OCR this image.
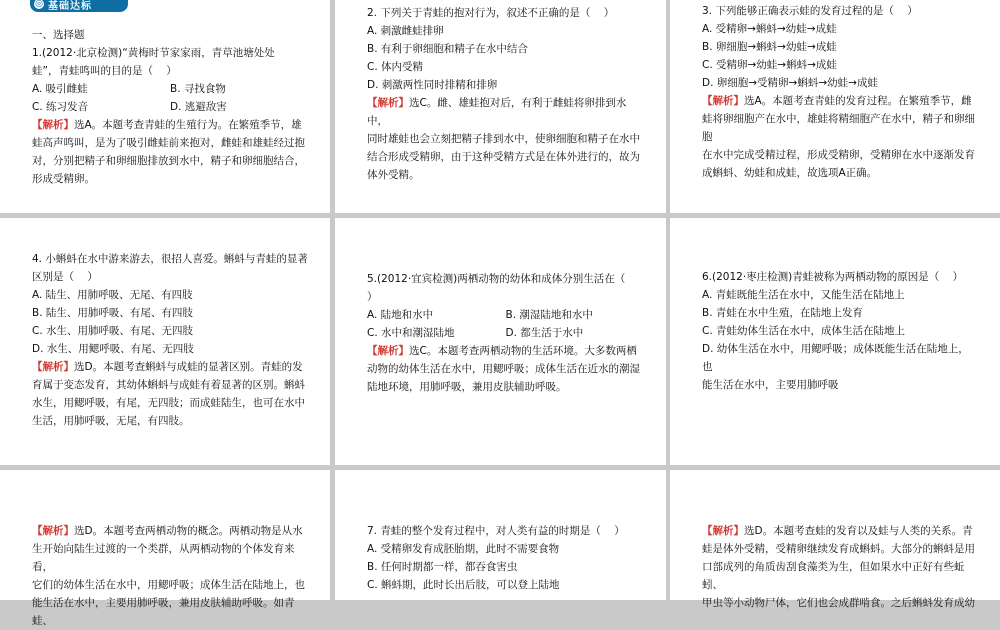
◎ 基础达标
一、选择题
1.(2012·北京检测)“黄梅时节家家雨，青草池塘处处
蛙”，青蛙鸣叫的目的是（    ）
A. 吸引雌蛙	B. 寻找食物
C. 练习发音	D. 逃避敌害
【解析】选A。本题考查青蛙的生殖行为。在繁殖季节，雄
蛙高声鸣叫，是为了吸引雌蛙前来抱对，雌蛙和雄蛙经过抱
对，分别把精子和卵细胞排放到水中，精子和卵细胞结合，
形成受精卵。
2. 下列关于青蛙的抱对行为，叙述不正确的是（    ）
A. 刺激雌蛙排卵
B. 有利于卵细胞和精子在水中结合
C. 体内受精
D. 刺激两性同时排精和排卵
【解析】选C。雌、雄蛙抱对后，有利于雌蛙将卵排到水中，
同时雄蛙也会立刻把精子排到水中，使卵细胞和精子在水中
结合形成受精卵，由于这种受精方式是在体外进行的，故为
体外受精。
3. 下列能够正确表示蛙的发育过程的是（    ）
A. 受精卵→蝌蚪→幼蛙→成蛙
B. 卵细胞→蝌蚪→幼蛙→成蛙
C. 受精卵→幼蛙→蝌蚪→成蛙
D. 卵细胞→受精卵→蝌蚪→幼蛙→成蛙
【解析】选A。本题考查青蛙的发育过程。在繁殖季节，雌
蛙将卵细胞产在水中，雄蛙将精细胞产在水中，精子和卵细胞
在水中完成受精过程，形成受精卵，受精卵在水中逐渐发育
成蝌蚪、幼蛙和成蛙，故选项A正确。
4. 小蝌蚪在水中游来游去，很招人喜爱。蝌蚪与青蛙的显著
区别是（    ）
A. 陆生、用肺呼吸、无尾、有四肢
B. 陆生、用肺呼吸、有尾、有四肢
C. 水生、用肺呼吸、有尾、无四肢
D. 水生、用鳃呼吸、有尾、无四肢
【解析】选D。本题考查蝌蚪与成蛙的显著区别。青蛙的发
育属于变态发育，其幼体蝌蚪与成蛙有着显著的区别。蝌蚪
水生，用鳃呼吸，有尾，无四肢；而成蛙陆生，也可在水中
生活，用肺呼吸，无尾，有四肢。
5.(2012·宜宾检测)两栖动物的幼体和成体分别生活在（
）
A. 陆地和水中	B. 潮湿陆地和水中
C. 水中和潮湿陆地	D. 都生活于水中
【解析】选C。本题考查两栖动物的生活环境。大多数两栖
动物的幼体生活在水中，用鳃呼吸；成体生活在近水的潮湿
陆地环境，用肺呼吸，兼用皮肤辅助呼吸。
6.(2012·枣庄检测)青蛙被称为两栖动物的原因是（    ）
A. 青蛙既能生活在水中，又能生活在陆地上
B. 青蛙在水中生殖，在陆地上发育
C. 青蛙幼体生活在水中，成体生活在陆地上
D. 幼体生活在水中，用鳃呼吸；成体既能生活在陆地上，也
能生活在水中，主要用肺呼吸
【解析】选D。本题考查两栖动物的概念。两栖动物是从水
生开始向陆生过渡的一个类群，从两栖动物的个体发育来看，
它们的幼体生活在水中，用鳃呼吸；成体生活在陆地上，也
能生活在水中，主要用肺呼吸，兼用皮肤辅助呼吸。如青蛙、
7. 青蛙的整个发育过程中，对人类有益的时期是（    ）
A. 受精卵发育成胚胎期，此时不需要食物
B. 任何时期都一样，都吞食害虫
C. 蝌蚪期，此时长出后肢，可以登上陆地
【解析】选D。本题考查蛙的发育以及蛙与人类的关系。青
蛙是体外受精，受精卵继续发育成蝌蚪。大部分的蝌蚪是用
口部成列的角质齿刮食藻类为生，但如果水中正好有些蚯蚓、
甲虫等小动物尸体，它们也会成群啃食。之后蝌蚪发育成幼
